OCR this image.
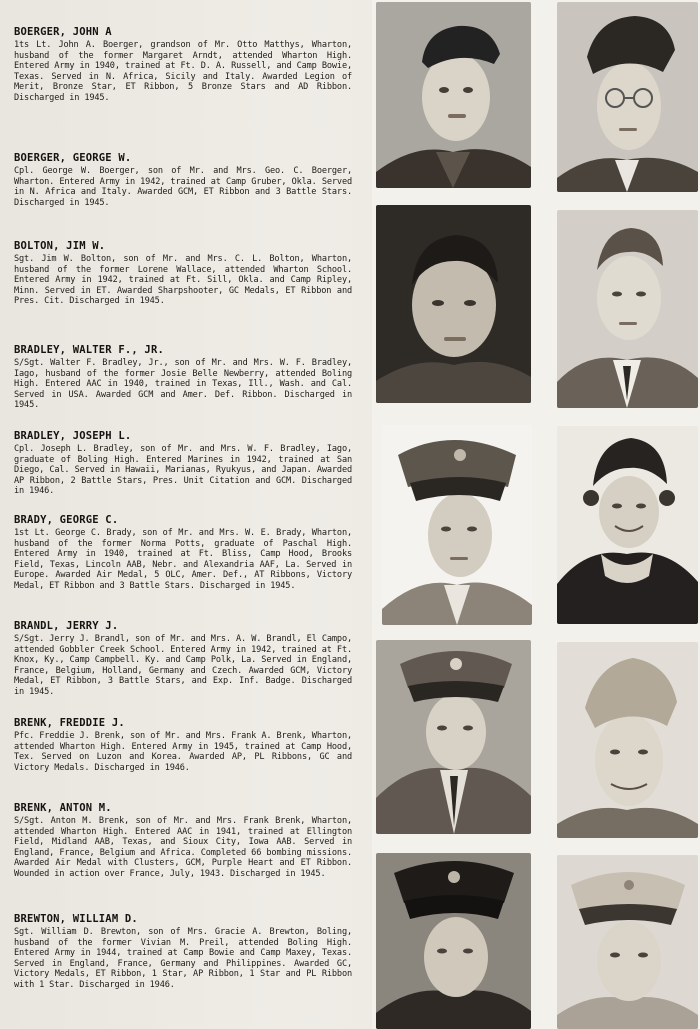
BOERGER, JOHN A

1ts Lt. John A. Boerger, grandson of Mr. Otto Matthys, Wharton, husband of the former Margaret Arndt, attended Wharton High. Entered Army in 1940, trained at Ft. D. A. Russell, and Camp Bowie, Texas. Served in N. Africa, Sicily and Italy. Awarded Legion of Merit, Bronze Star, ET Ribbon, 5 Bronze Stars and AD Ribbon. Discharged in 1945.

BOERGER, GEORGE W.

Cpl. George W. Boerger, son of Mr. and Mrs. Geo. C. Boerger, Wharton. Entered Army in 1942, trained at Camp Gruber, Okla. Served in N. Africa and Italy. Awarded GCM, ET Ribbon and 3 Battle Stars. Discharged in 1945.

BOLTON, JIM W.

Sgt. Jim W. Bolton, son of Mr. and Mrs. C. L. Bolton, Wharton, husband of the former Lorene Wallace, attended Wharton School. Entered Army in 1942, trained at Ft. Sill, Okla. and Camp Ripley, Minn. Served in ET. Awarded Sharpshooter, GC Medals, ET Ribbon and Pres. Cit. Discharged in 1945.

BRADLEY, WALTER F., JR.

S/Sgt. Walter F. Bradley, Jr., son of Mr. and Mrs. W. F. Bradley, Iago, husband of the former Josie Belle Newberry, attended Boling High. Entered AAC in 1940, trained in Texas, Ill., Wash. and Cal. Served in USA. Awarded GCM and Amer. Def. Ribbon. Discharged in 1945.

BRADLEY, JOSEPH L.

Cpl. Joseph L. Bradley, son of Mr. and Mrs. W. F. Bradley, Iago, graduate of Boling High. Entered Marines in 1942, trained at San Diego, Cal. Served in Hawaii, Marianas, Ryukyus, and Japan. Awarded AP Ribbon, 2 Battle Stars, Pres. Unit Citation and GCM. Discharged in 1946.

BRADY, GEORGE C.

1st Lt. George C. Brady, son of Mr. and Mrs. W. E. Brady, Wharton, husband of the former Norma Potts, graduate of Paschal High. Entered Army in 1940, trained at Ft. Bliss, Camp Hood, Brooks Field, Texas, Lincoln AAB, Nebr. and Alexandria AAF, La. Served in Europe. Awarded Air Medal, 5 OLC, Amer. Def., AT Ribbons, Victory Medal, ET Ribbon and 3 Battle Stars. Discharged in 1945.

BRANDL, JERRY J.

S/Sgt. Jerry J. Brandl, son of Mr. and Mrs. A. W. Brandl, El Campo, attended Gobbler Creek School. Entered Army in 1942, trained at Ft. Knox, Ky., Camp Campbell. Ky. and Camp Polk, La. Served in England, France, Belgium, Holland, Germany and Czech. Awarded GCM, Victory Medal, ET Ribbon, 3 Battle Stars, and Exp. Inf. Badge. Discharged in 1945.

BRENK, FREDDIE J.

Pfc. Freddie J. Brenk, son of Mr. and Mrs. Frank A. Brenk, Wharton, attended Wharton High. Entered Army in 1945, trained at Camp Hood, Tex. Served on Luzon and Korea. Awarded AP, PL Ribbons, GC and Victory Medals. Discharged in 1946.

BRENK, ANTON M.

S/Sgt. Anton M. Brenk, son of Mr. and Mrs. Frank Brenk, Wharton, attended Wharton High. Entered AAC in 1941, trained at Ellington Field, Midland AAB, Texas, and Sioux City, Iowa AAB. Served in England, France, Belgium and Africa. Completed 66 bombing missions. Awarded Air Medal with Clusters, GCM, Purple Heart and ET Ribbon. Wounded in action over France, July, 1943. Discharged in 1945.

BREWTON, WILLIAM D.

Sgt. William D. Brewton, son of Mrs. Gracie A. Brewton, Boling, husband of the former Vivian M. Preil, attended Boling High. Entered Army in 1944, trained at Camp Bowie and Camp Maxey, Texas. Served in England, France, Germany and Philippines. Awarded GC, Victory Medals, ET Ribbon, 1 Star, AP Ribbon, 1 Star and PL Ribbon with 1 Star. Discharged in 1946.
